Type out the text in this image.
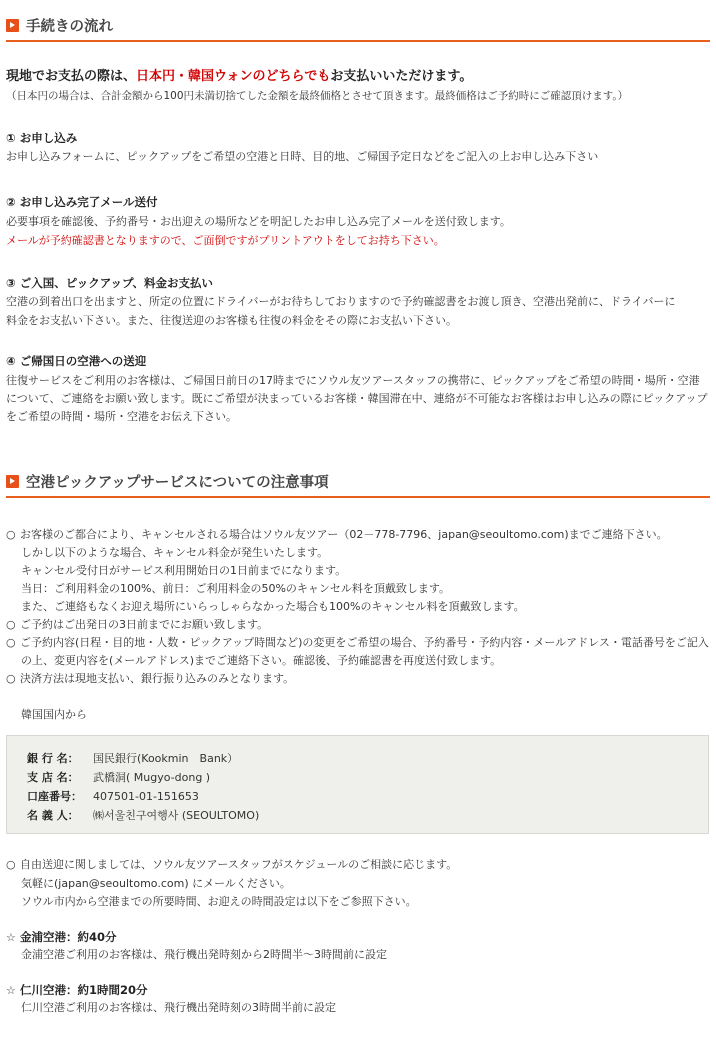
手続きの流れ
現地でお支払の際は、日本円・韓国ウォンのどちらでもお支払いいただけます。
（日本円の場合は、合計金額から100円未満切捨てした金額を最終価格とさせて頂きます。最終価格はご予約時にご確認頂けます。）
① お申し込み
お申し込みフォームに、ピックアップをご希望の空港と日時、目的地、ご帰国予定日などをご記入の上お申し込み下さい
② お申し込み完了メール送付
必要事項を確認後、予約番号・お出迎えの場所などを明記したお申し込み完了メールを送付致します。
メールが予約確認書となりますので、ご面倒ですがプリントアウトをしてお持ち下さい。
③ ご入国、ピックアップ、料金お支払い
空港の到着出口を出ますと、所定の位置にドライバーがお待ちしておりますので予約確認書をお渡し頂き、空港出発前に、ドライバーに
料金をお支払い下さい。また、往復送迎のお客様も往復の料金をその際にお支払い下さい。
④ ご帰国日の空港への送迎
往復サービスをご利用のお客様は、ご帰国日前日の17時までにソウル友ツアースタッフの携帯に、ピックアップをご希望の時間・場所・空港
について、ご連絡をお願い致します。既にご希望が決まっているお客様・韓国滞在中、連絡が不可能なお客様はお申し込みの際にピックアップ
をご希望の時間・場所・空港をお伝え下さい。
空港ピックアップサービスについての注意事項
○ お客様のご都合により、キャンセルされる場合はソウル友ツアー（02－778-7796、japan@seoultomo.com)までご連絡下さい。
しかし以下のような場合、キャンセル料金が発生いたします。
キャンセル受付日がサービス利用開始日の1日前までになります。
当日：ご利用料金の100%、前日：ご利用料金の50%のキャンセル料を頂戴致します。
また、ご連絡もなくお迎え場所にいらっしゃらなかった場合も100%のキャンセル料を頂戴致します。
○ ご予約はご出発日の3日前までにお願い致します。
○ ご予約内容(日程・目的地・人数・ピックアップ時間など)の変更をご希望の場合、予約番号・予約内容・メールアドレス・電話番号をご記入
の上、変更内容を(メールアドレス)までご連絡下さい。確認後、予約確認書を再度送付致します。
○ 決済方法は現地支払い、銀行振り込みのみとなります。
韓国国内から
銀 行 名： 国民銀行(Kookmin　Bank）
支 店 名： 武橋洞( Mugyo-dong )
口座番号： 407501-01-151653
名 義 人： ㈱서울친구여행사 (SEOULTOMO)
○ 自由送迎に関しましては、ソウル友ツアースタッフがスケジュールのご相談に応じます。
気軽に(japan@seoultomo.com) にメールください。
ソウル市内から空港までの所要時間、お迎えの時間設定は以下をご参照下さい。
☆ 金浦空港：約40分
金浦空港ご利用のお客様は、飛行機出発時刻から2時間半～3時間前に設定
☆ 仁川空港：約1時間20分
仁川空港ご利用のお客様は、飛行機出発時刻の3時間半前に設定
